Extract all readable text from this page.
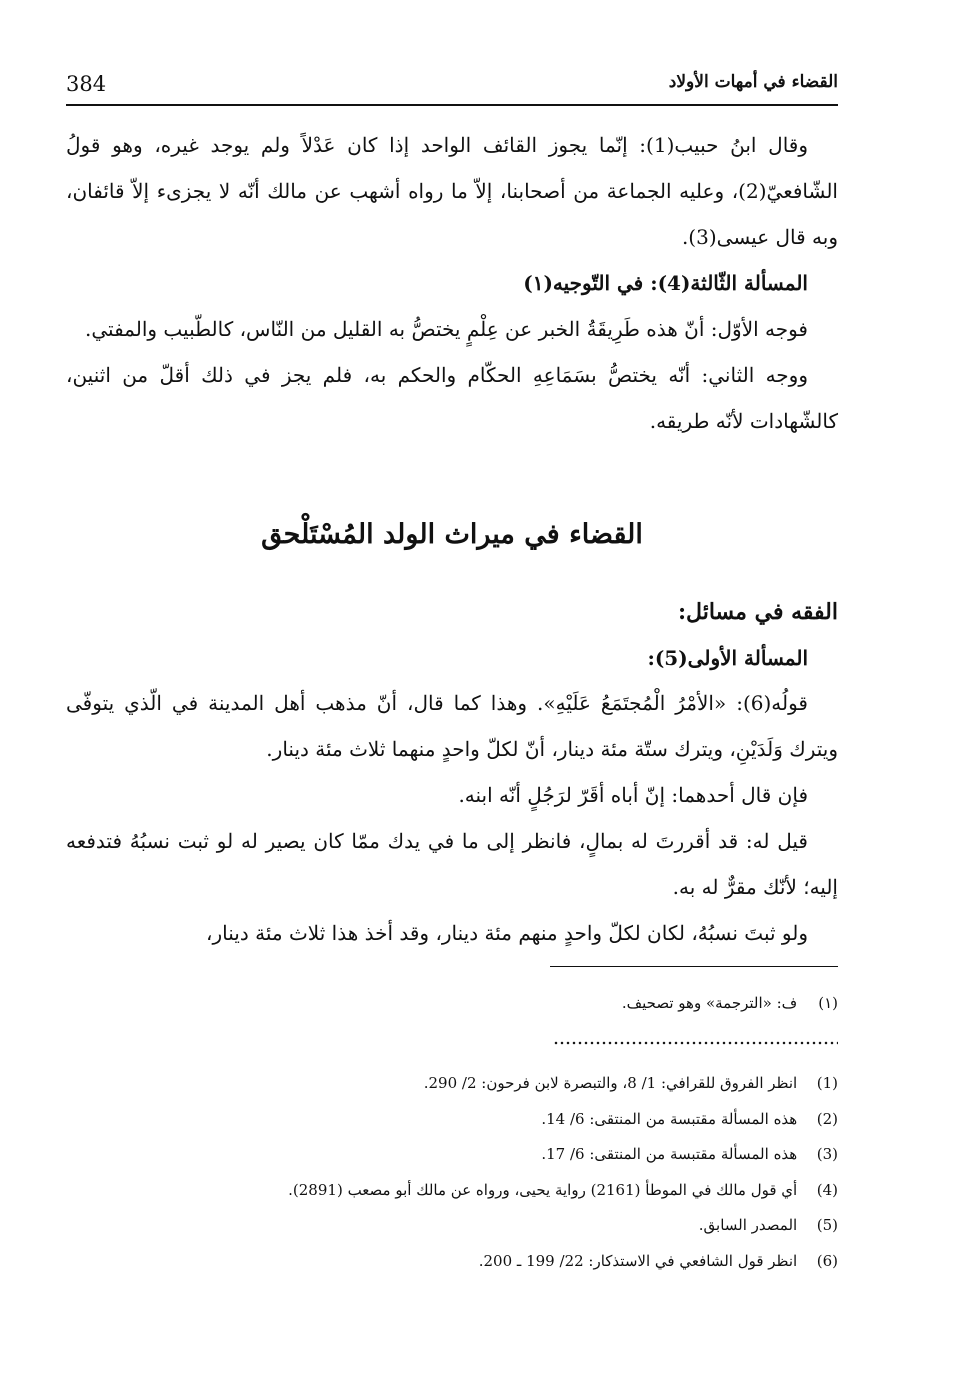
384	القضاء في أمهات الأولاد

وقال ابنُ حبيب(1): إنّما يجوز القائف الواحد إذا كان عَدْلاً ولم يوجد غيره، وهو قولُ الشّافعيّ(2)، وعليه الجماعة من أصحابنا، إلاّ ما رواه أشهب عن مالك أنّه لا يجزىء إلاّ قائفان، وبه قال عيسى(3).

المسألة الثّالثة(4): في التّوجيه(١)

فوجه الأوّل: أنّ هذه طَرِيقَةُ الخبر عن عِلْمٍ يختصُّ به القليل من النّاس، كالطّبيب والمفتي.

ووجه الثاني: أنّه يختصُّ بسَمَاعِهِ الحكّام والحكم به، فلم يجز في ذلك أقلّ من اثنين، كالشّهادات لأنّه طريقه.

القضاء في ميراث الولد المُسْتَلْحق

الفقه في مسائل:

المسألة الأولى(5):

قولُه(6): «الأمْرُ الْمُجتَمَعُ عَلَيْهِ». وهذا كما قال، أنّ مذهب أهل المدينة في الّذي يتوفّى ويترك وَلَدَيْنِ، ويترك ستّة مئة دينار، أنّ لكلّ واحدٍ منهما ثلاث مئة دينار.

فإن قال أحدهما: إنّ أباه أقَرّ لرَجُلٍ أنّه ابنه.

قيل له: قد أقررتَ له بمالٍ، فانظر إلى ما في يدك ممّا كان يصير له لو ثبت نسبُهُ فتدفعه إليه؛ لأنّك مقرٌّ له به.

ولو ثبتَ نسبُهُ، لكان لكلّ واحدٍ منهم مئة دينار، وقد أخذ هذا ثلاث مئة دينار،

(١) ف: «الترجمة» وهو تصحيف.
(1) انظر الفروق للقرافي: 1/ 8، والتبصرة لابن فرحون: 2/ 290.
(2) هذه المسألة مقتبسة من المنتقى: 6/ 14.
(3) هذه المسألة مقتبسة من المنتقى: 6/ 17.
(4) أي قول مالك في الموطأ (2161) رواية يحيى، ورواه عن مالك أبو مصعب (2891).
(5) المصدر السابق.
(6) انظر قول الشافعي في الاستذكار: 22/ 199 ـ 200.
